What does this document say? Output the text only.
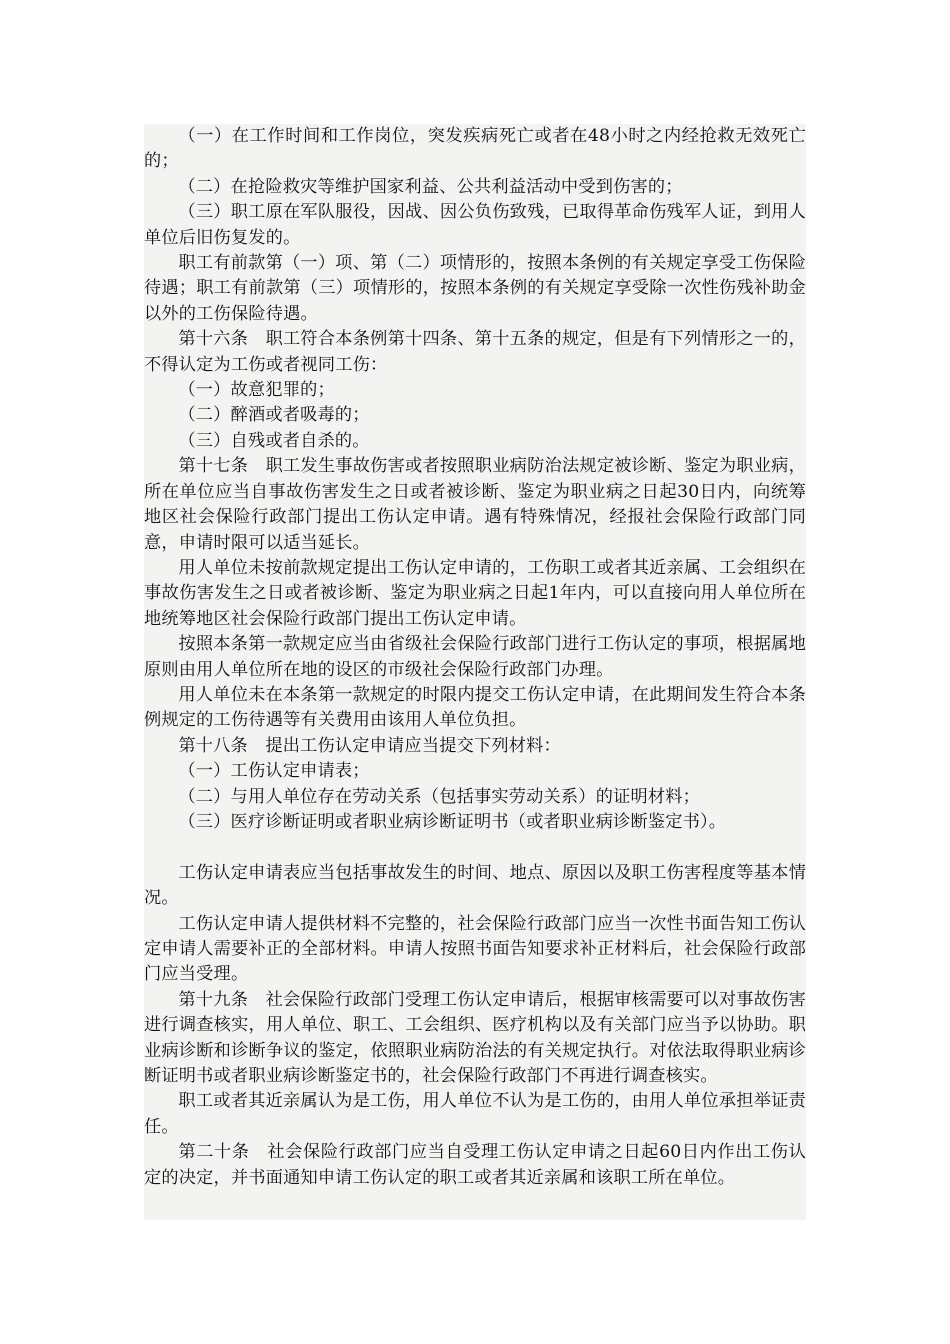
（一）在工作时间和工作岗位，突发疾病死亡或者在48小时之内经抢救无效死亡的；

（二）在抢险救灾等维护国家利益、公共利益活动中受到伤害的；

（三）职工原在军队服役，因战、因公负伤致残，已取得革命伤残军人证，到用人单位后旧伤复发的。

职工有前款第（一）项、第（二）项情形的，按照本条例的有关规定享受工伤保险待遇；职工有前款第（三）项情形的，按照本条例的有关规定享受除一次性伤残补助金以外的工伤保险待遇。

第十六条　职工符合本条例第十四条、第十五条的规定，但是有下列情形之一的，不得认定为工伤或者视同工伤：

（一）故意犯罪的；

（二）醉酒或者吸毒的；

（三）自残或者自杀的。

第十七条　职工发生事故伤害或者按照职业病防治法规定被诊断、鉴定为职业病，所在单位应当自事故伤害发生之日或者被诊断、鉴定为职业病之日起30日内，向统筹地区社会保险行政部门提出工伤认定申请。遇有特殊情况，经报社会保险行政部门同意，申请时限可以适当延长。

用人单位未按前款规定提出工伤认定申请的，工伤职工或者其近亲属、工会组织在事故伤害发生之日或者被诊断、鉴定为职业病之日起1年内，可以直接向用人单位所在地统筹地区社会保险行政部门提出工伤认定申请。

按照本条第一款规定应当由省级社会保险行政部门进行工伤认定的事项，根据属地原则由用人单位所在地的设区的市级社会保险行政部门办理。

用人单位未在本条第一款规定的时限内提交工伤认定申请，在此期间发生符合本条例规定的工伤待遇等有关费用由该用人单位负担。

第十八条　提出工伤认定申请应当提交下列材料：

（一）工伤认定申请表；

（二）与用人单位存在劳动关系（包括事实劳动关系）的证明材料；

（三）医疗诊断证明或者职业病诊断证明书（或者职业病诊断鉴定书）。

工伤认定申请表应当包括事故发生的时间、地点、原因以及职工伤害程度等基本情况。

工伤认定申请人提供材料不完整的，社会保险行政部门应当一次性书面告知工伤认定申请人需要补正的全部材料。申请人按照书面告知要求补正材料后，社会保险行政部门应当受理。

第十九条　社会保险行政部门受理工伤认定申请后，根据审核需要可以对事故伤害进行调查核实，用人单位、职工、工会组织、医疗机构以及有关部门应当予以协助。职业病诊断和诊断争议的鉴定，依照职业病防治法的有关规定执行。对依法取得职业病诊断证明书或者职业病诊断鉴定书的，社会保险行政部门不再进行调查核实。

职工或者其近亲属认为是工伤，用人单位不认为是工伤的，由用人单位承担举证责任。

第二十条　社会保险行政部门应当自受理工伤认定申请之日起60日内作出工伤认定的决定，并书面通知申请工伤认定的职工或者其近亲属和该职工所在单位。
